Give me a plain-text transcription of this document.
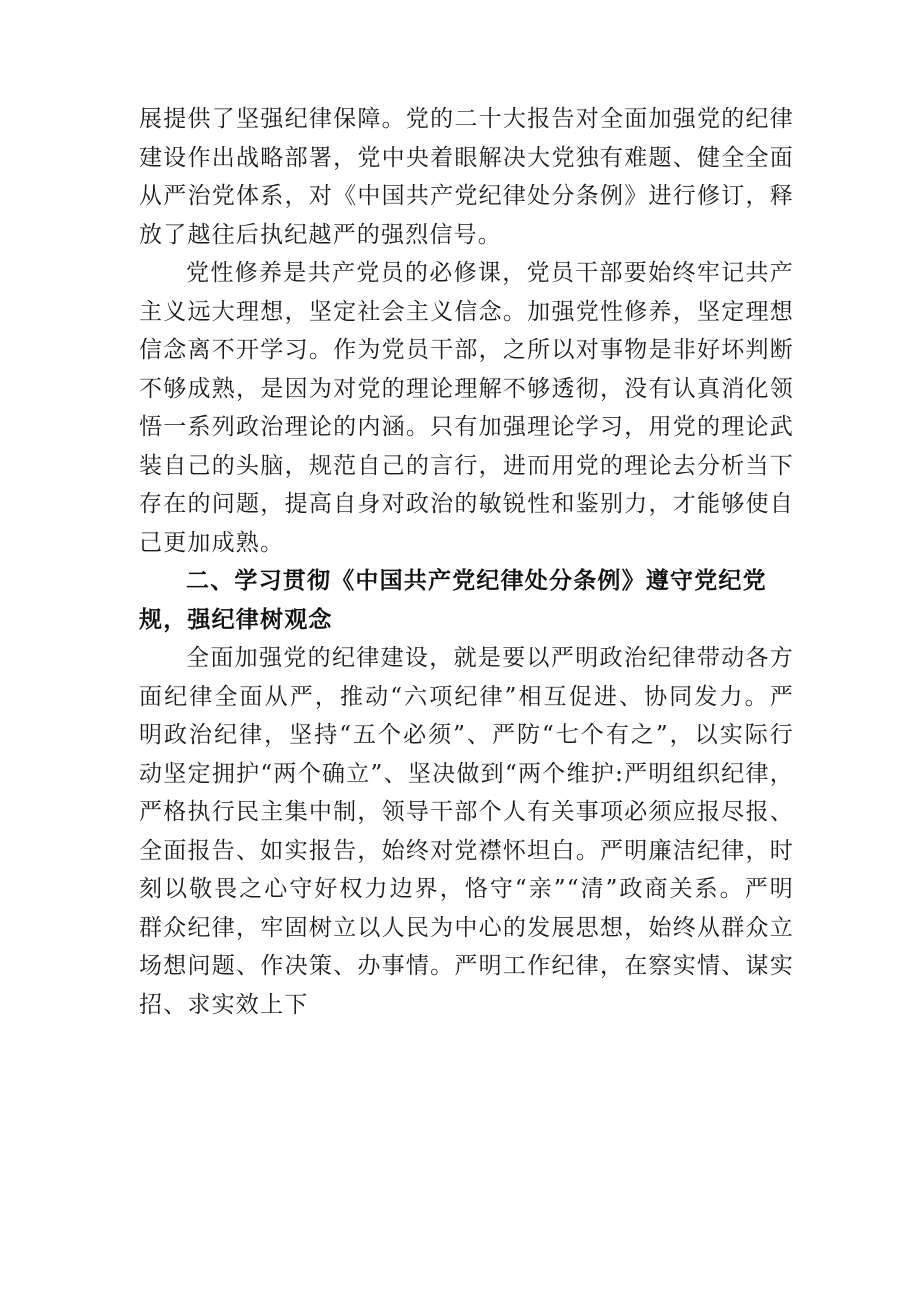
展提供了坚强纪律保障。党的二十大报告对全面加强党的纪律建设作出战略部署，党中央着眼解决大党独有难题、健全全面从严治党体系，对《中国共产党纪律处分条例》进行修订，释放了越往后执纪越严的强烈信号。

党性修养是共产党员的必修课，党员干部要始终牢记共产主义远大理想，坚定社会主义信念。加强党性修养，坚定理想信念离不开学习。作为党员干部，之所以对事物是非好坏判断不够成熟，是因为对党的理论理解不够透彻，没有认真消化领悟一系列政治理论的内涵。只有加强理论学习，用党的理论武装自己的头脑，规范自己的言行，进而用党的理论去分析当下存在的问题，提高自身对政治的敏锐性和鉴别力，才能够使自己更加成熟。

二、学习贯彻《中国共产党纪律处分条例》遵守党纪党规，强纪律树观念

全面加强党的纪律建设，就是要以严明政治纪律带动各方面纪律全面从严，推动“六项纪律”相互促进、协同发力。严明政治纪律，坚持“五个必须”、严防“七个有之”，以实际行动坚定拥护“两个确立”、坚决做到“两个维护:严明组织纪律，严格执行民主集中制，领导干部个人有关事项必须应报尽报、全面报告、如实报告，始终对党襟怀坦白。严明廉洁纪律，时刻以敬畏之心守好权力边界，恪守“亲”“清”政商关系。严明群众纪律，牢固树立以人民为中心的发展思想，始终从群众立场想问题、作决策、办事情。严明工作纪律，在察实情、谋实招、求实效上下
